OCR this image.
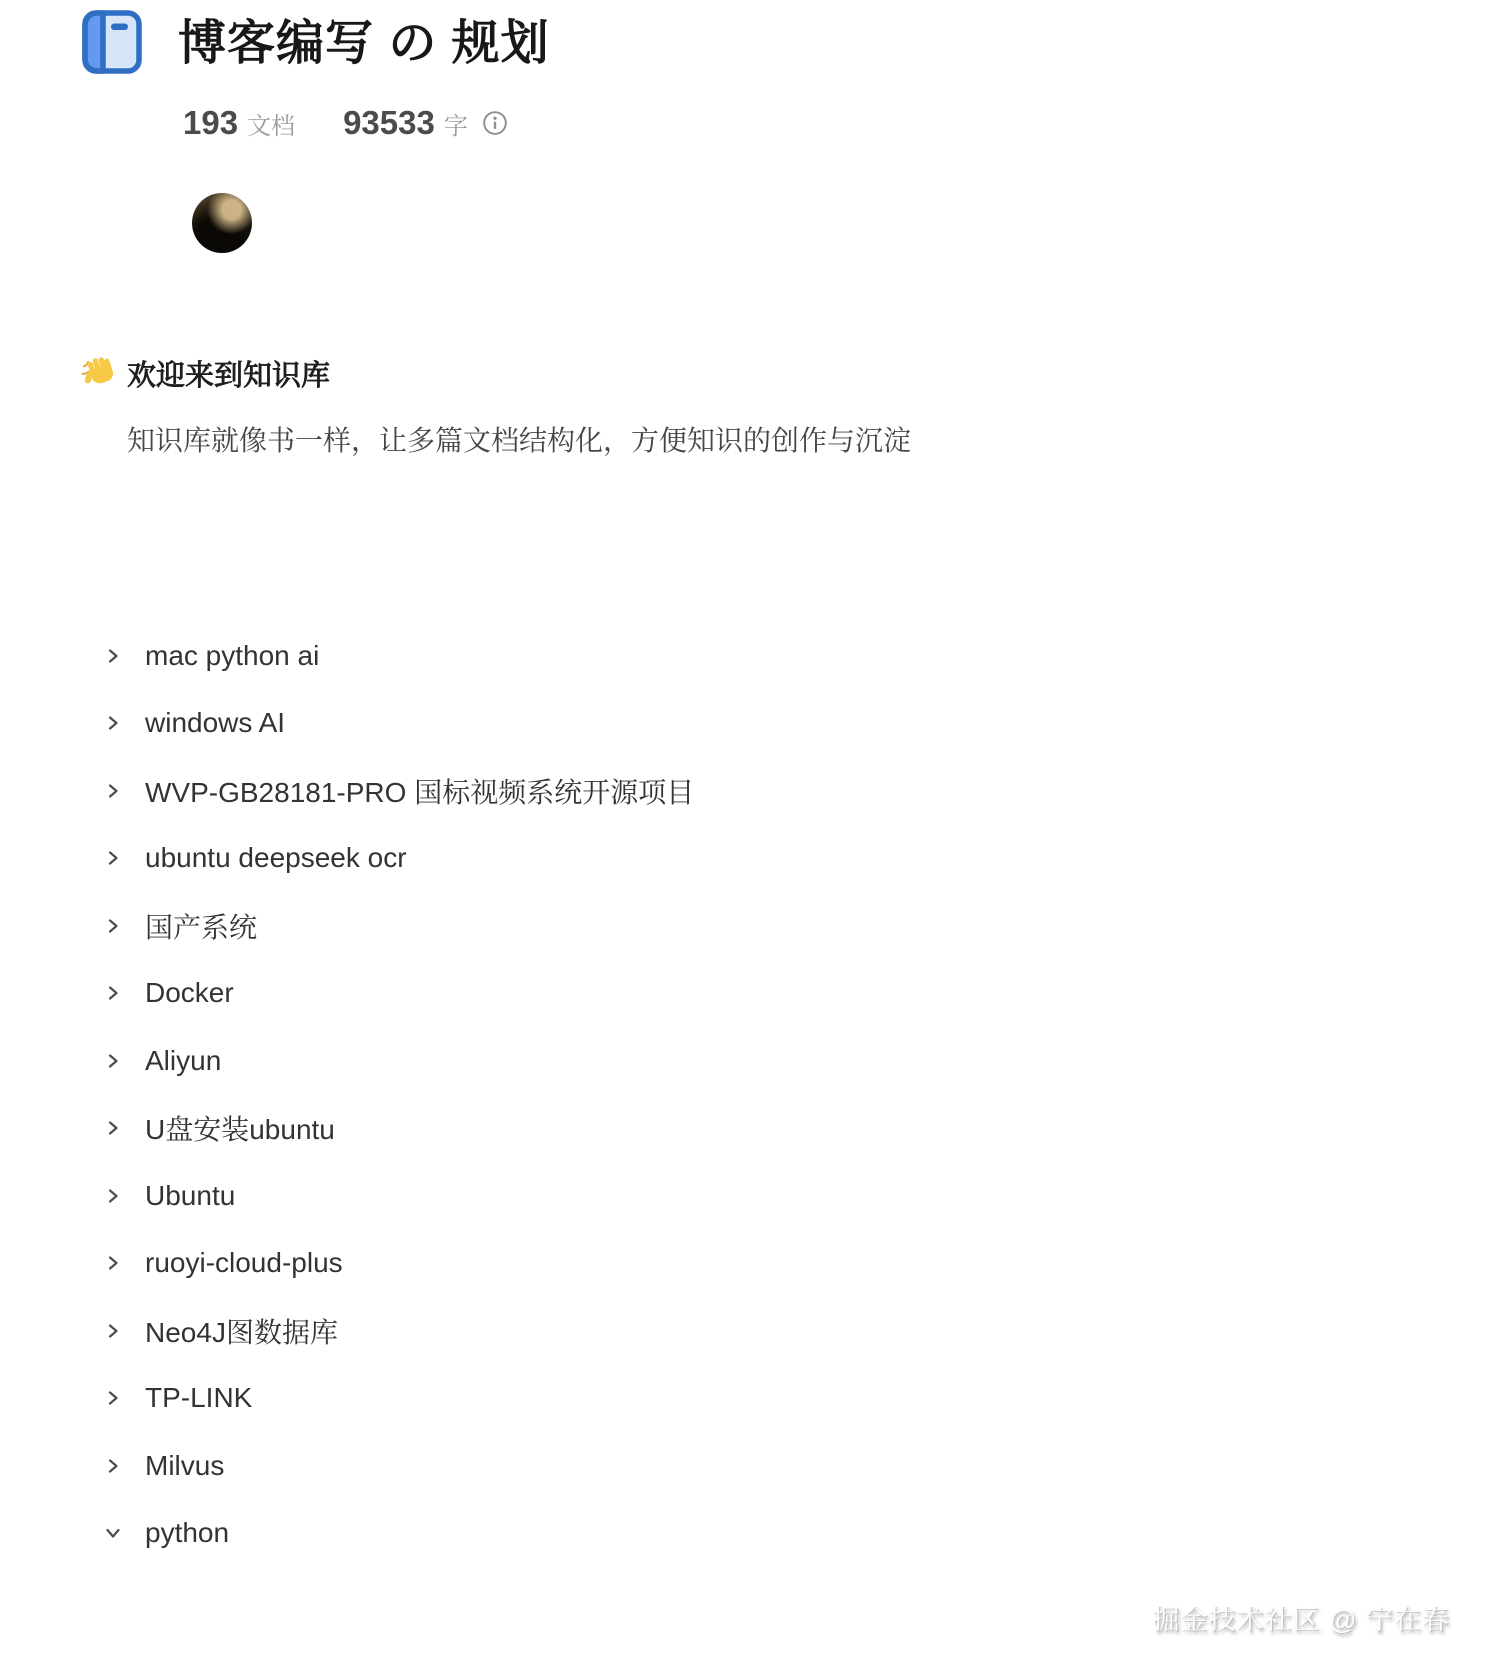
博客编写 の 规划
193 文档 93533 字
欢迎来到知识库

知识库就像书一样，让多篇文档结构化，方便知识的创作与沉淀

mac python ai
windows AI
WVP-GB28181-PRO 国标视频系统开源项目
ubuntu deepseek ocr
国产系统
Docker
Aliyun
U盘安装ubuntu
Ubuntu
ruoyi-cloud-plus
Neo4J图数据库
TP-LINK
Milvus
python
掘金技术社区 @ 宁在春
